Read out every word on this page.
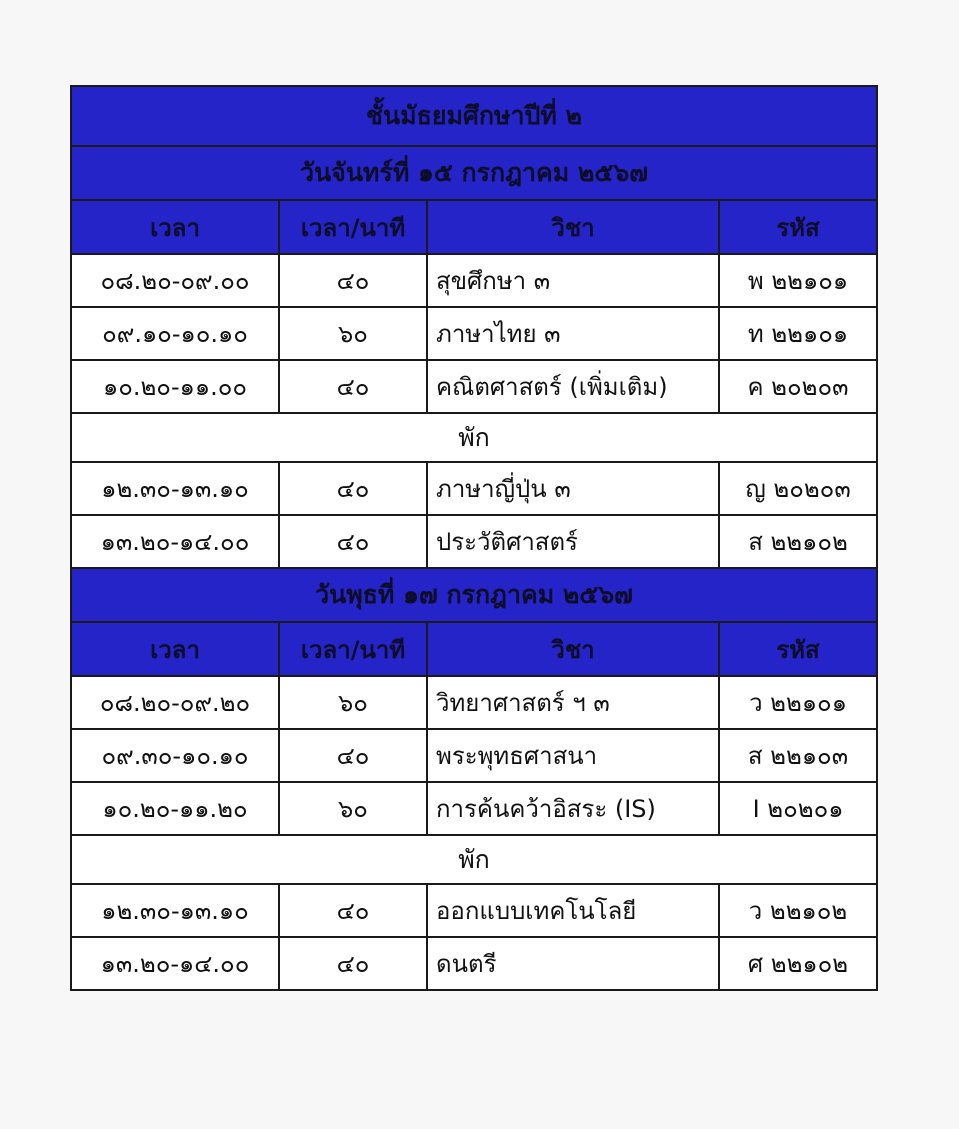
ชั้นมัธยมศึกษาปีที่ ๒			
วันจันทร์ที่ ๑๕ กรกฎาคม ๒๕๖๗			
เวลา	เวลา/นาที	วิชา	รหัส
๐๘.๒๐-๐๙.๐๐	๔๐	สุขศึกษา ๓	พ ๒๒๑๐๑
๐๙.๑๐-๑๐.๑๐	๖๐	ภาษาไทย ๓	ท ๒๒๑๐๑
๑๐.๒๐-๑๑.๐๐	๔๐	คณิตศาสตร์ (เพิ่มเติม)	ค ๒๐๒๐๓
พัก			
๑๒.๓๐-๑๓.๑๐	๔๐	ภาษาญี่ปุ่น ๓	ญ ๒๐๒๐๓
๑๓.๒๐-๑๔.๐๐	๔๐	ประวัติศาสตร์	ส ๒๒๑๐๒
วันพุธที่ ๑๗ กรกฎาคม ๒๕๖๗			
เวลา	เวลา/นาที	วิชา	รหัส
๐๘.๒๐-๐๙.๒๐	๖๐	วิทยาศาสตร์ ฯ ๓	ว ๒๒๑๐๑
๐๙.๓๐-๑๐.๑๐	๔๐	พระพุทธศาสนา	ส ๒๒๑๐๓
๑๐.๒๐-๑๑.๒๐	๖๐	การค้นคว้าอิสระ (IS)	I ๒๐๒๐๑
พัก			
๑๒.๓๐-๑๓.๑๐	๔๐	ออกแบบเทคโนโลยี	ว ๒๒๑๐๒
๑๓.๒๐-๑๔.๐๐	๔๐	ดนตรี	ศ ๒๒๑๐๒
